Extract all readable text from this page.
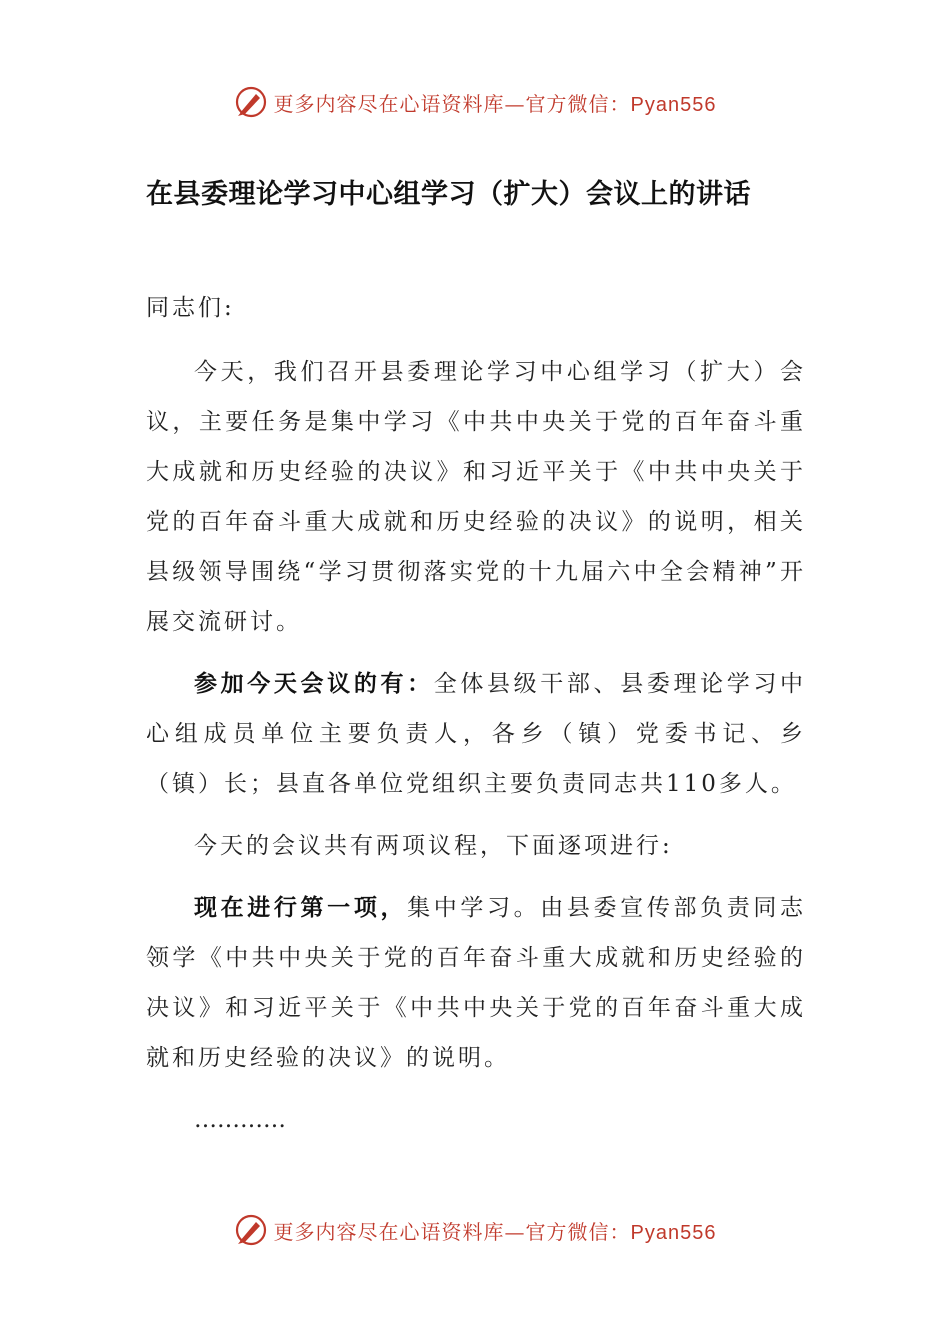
更多内容尽在心语资料库—官方微信：Pyan556
在县委理论学习中心组学习（扩大）会议上的讲话

同志们:

今天，我们召开县委理论学习中心组学习（扩大）会议，主要任务是集中学习《中共中央关于党的百年奋斗重大成就和历史经验的决议》和习近平关于《中共中央关于党的百年奋斗重大成就和历史经验的决议》的说明，相关县级领导围绕“学习贯彻落实党的十九届六中全会精神”开展交流研讨。

参加今天会议的有：全体县级干部、县委理论学习中心组成员单位主要负责人，各乡（镇）党委书记、乡（镇）长；县直各单位党组织主要负责同志共110多人。

今天的会议共有两项议程，下面逐项进行:

现在进行第一项，集中学习。由县委宣传部负责同志领学《中共中央关于党的百年奋斗重大成就和历史经验的决议》和习近平关于《中共中央关于党的百年奋斗重大成就和历史经验的决议》的说明。

…………

更多内容尽在心语资料库—官方微信：Pyan556
